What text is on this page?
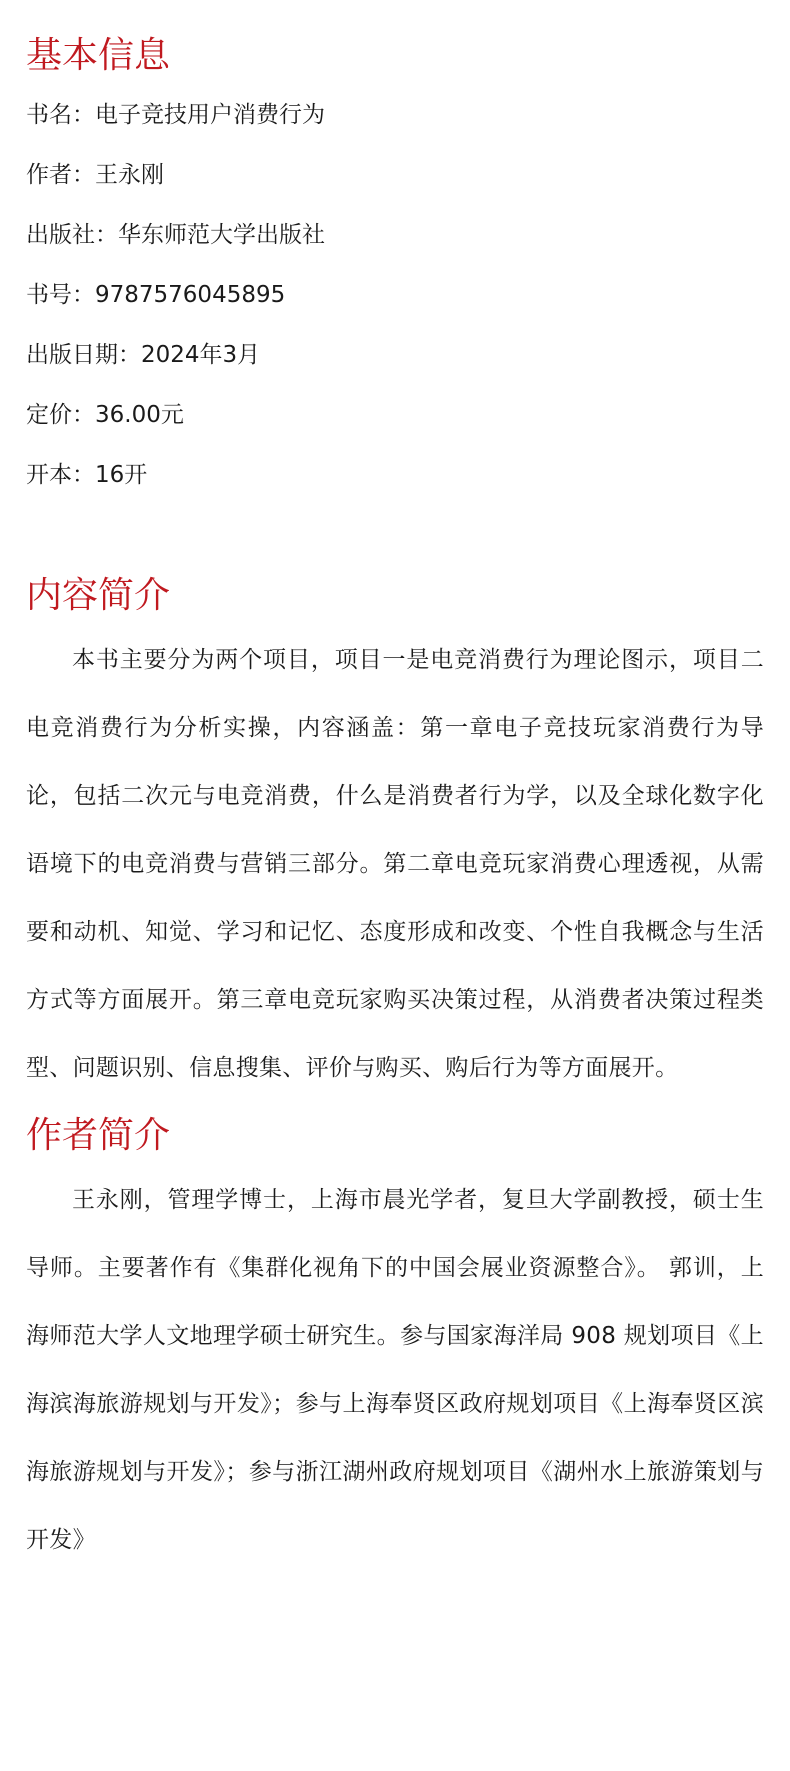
基本信息

书名：电子竞技用户消费行为

作者：王永刚

出版社：华东师范大学出版社

书号：9787576045895

出版日期：2024年3月

定价：36.00元

开本：16开

内容简介

本书主要分为两个项目，项目一是电竞消费行为理论图示，项目二电竞消费行为分析实操，内容涵盖：第一章电子竞技玩家消费行为导论，包括二次元与电竞消费，什么是消费者行为学，以及全球化数字化语境下的电竞消费与营销三部分。第二章电竞玩家消费心理透视，从需要和动机、知觉、学习和记忆、态度形成和改变、个性自我概念与生活方式等方面展开。第三章电竞玩家购买决策过程，从消费者决策过程类型、问题识别、信息搜集、评价与购买、购后行为等方面展开。

作者简介

王永刚，管理学博士，上海市晨光学者，复旦大学副教授，硕士生导师。主要著作有《集群化视角下的中国会展业资源整合》。 郭训，上海师范大学人文地理学硕士研究生。参与国家海洋局 908 规划项目《上海滨海旅游规划与开发》；参与上海奉贤区政府规划项目《上海奉贤区滨海旅游规划与开发》；参与浙江湖州政府规划项目《湖州水上旅游策划与开发》
